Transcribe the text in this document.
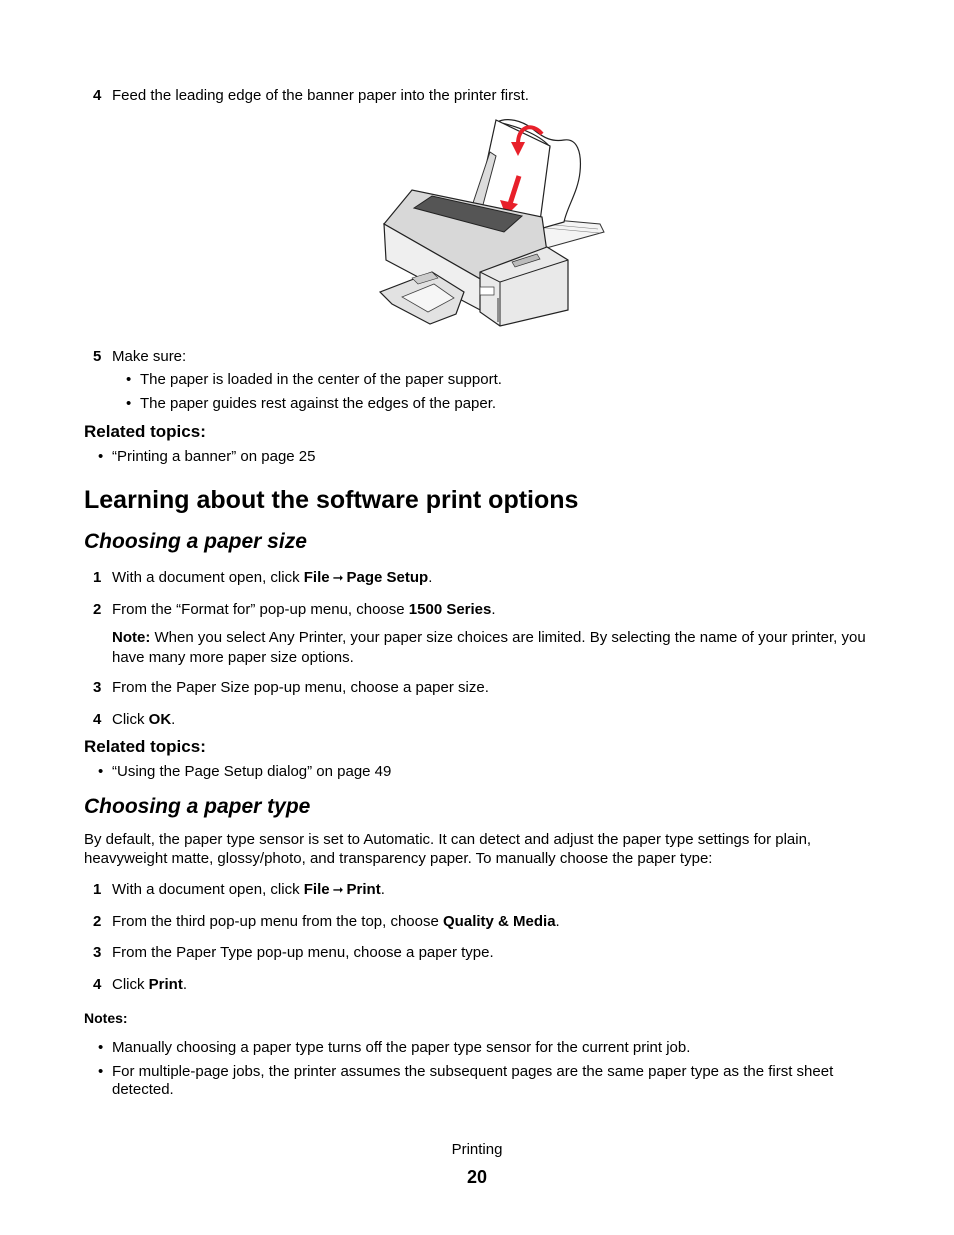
4 Feed the leading edge of the banner paper into the printer first.
5 Make sure:
• The paper is loaded in the center of the paper support.
• The paper guides rest against the edges of the paper.
Related topics:
• “Printing a banner” on page 25
Learning about the software print options
Choosing a paper size
1 With a document open, click File ➞ Page Setup.
2 From the “Format for” pop-up menu, choose 1500 Series.
Note: When you select Any Printer, your paper size choices are limited. By selecting the name of your printer, you have many more paper size options.
3 From the Paper Size pop-up menu, choose a paper size.
4 Click OK.
Related topics:
• “Using the Page Setup dialog” on page 49
Choosing a paper type
By default, the paper type sensor is set to Automatic. It can detect and adjust the paper type settings for plain, heavyweight matte, glossy/photo, and transparency paper. To manually choose the paper type:
1 With a document open, click File ➞ Print.
2 From the third pop-up menu from the top, choose Quality & Media.
3 From the Paper Type pop-up menu, choose a paper type.
4 Click Print.
Notes:
• Manually choosing a paper type turns off the paper type sensor for the current print job.
• For multiple-page jobs, the printer assumes the subsequent pages are the same paper type as the first sheet detected.
Printing
20
